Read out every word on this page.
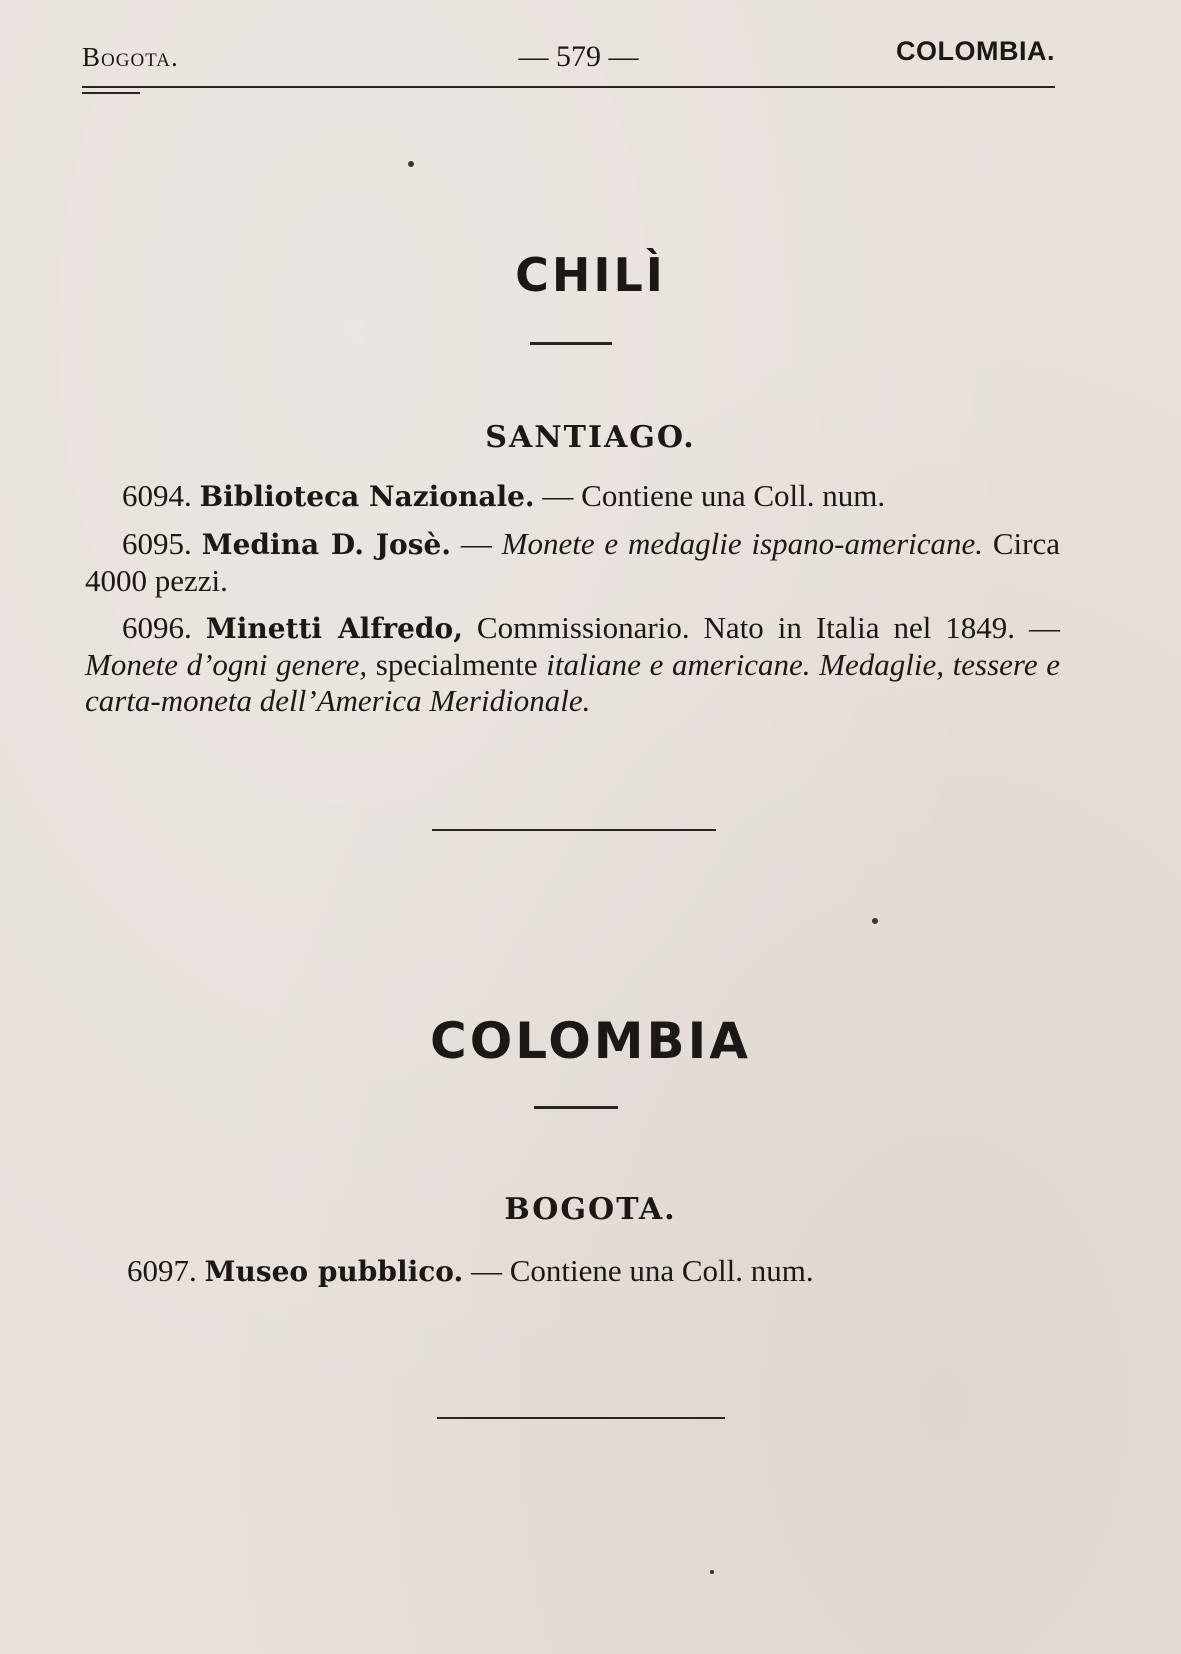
Bogota.	— 579 —	COLOMBIA.
CHILÌ
SANTIAGO.

6094. Biblioteca Nazionale. — Contiene una Coll. num.

6095. Medina D. Josè. — Monete e medaglie ispano-americane. Circa 4000 pezzi.

6096. Minetti Alfredo, Commissionario. Nato in Italia nel 1849. — Monete d’ogni genere, specialmente italiane e americane. Medaglie, tessere e carta-moneta dell’America Meridionale.

COLOMBIA
BOGOTA.

6097. Museo pubblico. — Contiene una Coll. num.
